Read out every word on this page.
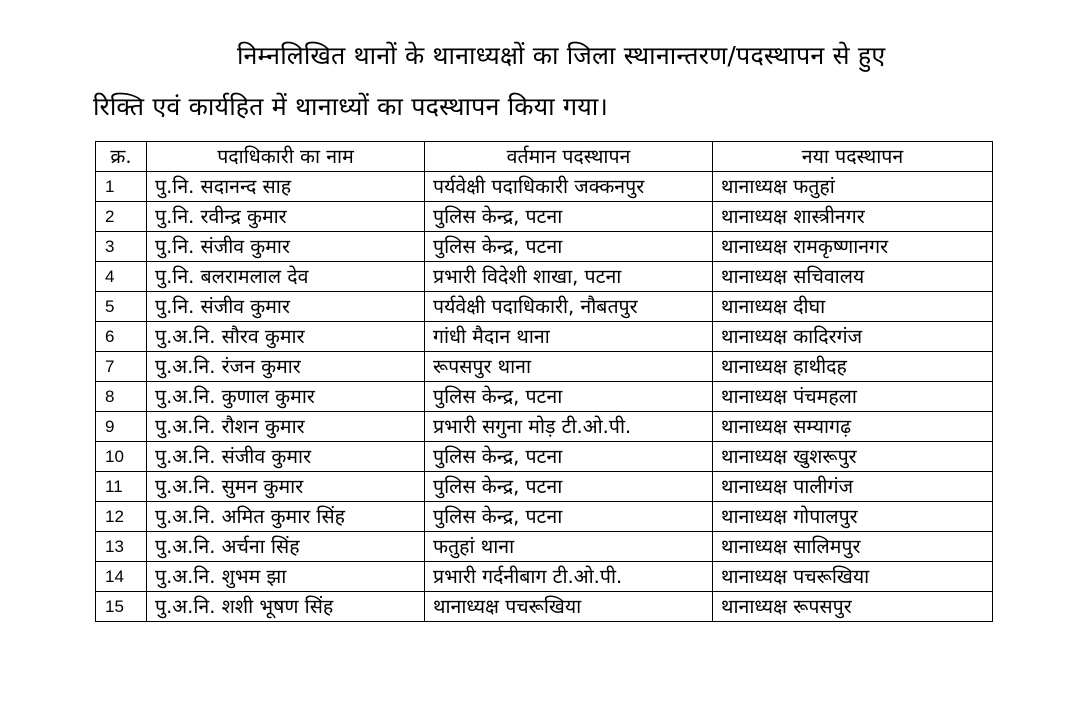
निम्नलिखित थानों के थानाध्यक्षों का जिला स्थानान्तरण/पदस्थापन से हुए
रिक्ति एवं कार्यहित में थानाध्यों का पदस्थापन किया गया।
क्र.	पदाधिकारी का नाम	वर्तमान पदस्थापन	नया पदस्थापन
1	पु.नि. सदानन्द साह	पर्यवेक्षी पदाधिकारी जक्कनपुर	थानाध्यक्ष फतुहां
2	पु.नि. रवीन्द्र कुमार	पुलिस केन्द्र, पटना	थानाध्यक्ष शास्त्रीनगर
3	पु.नि. संजीव कुमार	पुलिस केन्द्र, पटना	थानाध्यक्ष रामकृष्णानगर
4	पु.नि. बलरामलाल देव	प्रभारी विदेशी शाखा, पटना	थानाध्यक्ष सचिवालय
5	पु.नि. संजीव कुमार	पर्यवेक्षी पदाधिकारी, नौबतपुर	थानाध्यक्ष दीघा
6	पु.अ.नि. सौरव कुमार	गांधी मैदान थाना	थानाध्यक्ष कादिरगंज
7	पु.अ.नि. रंजन कुमार	रूपसपुर थाना	थानाध्यक्ष हाथीदह
8	पु.अ.नि. कुणाल कुमार	पुलिस केन्द्र, पटना	थानाध्यक्ष पंचमहला
9	पु.अ.नि. रौशन कुमार	प्रभारी सगुना मोड़ टी.ओ.पी.	थानाध्यक्ष सम्यागढ़
10	पु.अ.नि. संजीव कुमार	पुलिस केन्द्र, पटना	थानाध्यक्ष खुशरूपुर
11	पु.अ.नि. सुमन कुमार	पुलिस केन्द्र, पटना	थानाध्यक्ष पालीगंज
12	पु.अ.नि. अमित कुमार सिंह	पुलिस केन्द्र, पटना	थानाध्यक्ष गोपालपुर
13	पु.अ.नि. अर्चना सिंह	फतुहां थाना	थानाध्यक्ष सालिमपुर
14	पु.अ.नि. शुभम झा	प्रभारी गर्दनीबाग टी.ओ.पी.	थानाध्यक्ष पचरूखिया
15	पु.अ.नि. शशी भूषण सिंह	थानाध्यक्ष पचरूखिया	थानाध्यक्ष रूपसपुर
